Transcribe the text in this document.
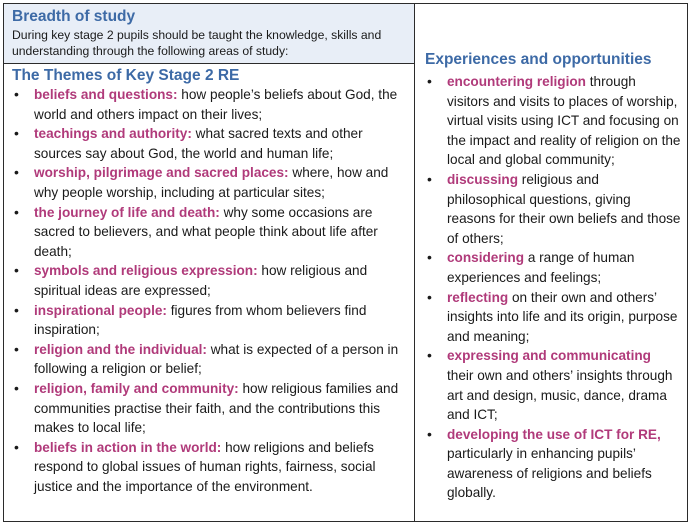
Breadth of study
During key stage 2 pupils should be taught the knowledge, skills and understanding through the following areas of study:
The Themes of Key Stage 2 RE
• beliefs and questions: how people’s beliefs about God, the world and others impact on their lives;
• teachings and authority: what sacred texts and other sources say about God, the world and human life;
• worship, pilgrimage and sacred places: where, how and why people worship, including at particular sites;
• the journey of life and death: why some occasions are sacred to believers, and what people think about life after death;
• symbols and religious expression: how religious and spiritual ideas are expressed;
• inspirational people: figures from whom believers find inspiration;
• religion and the individual: what is expected of a person in following a religion or belief;
• religion, family and community: how religious families and communities practise their faith, and the contributions this makes to local life;
• beliefs in action in the world: how religions and beliefs respond to global issues of human rights, fairness, social justice and the importance of the environment.
Experiences and opportunities
• encountering religion through visitors and visits to places of worship, virtual visits using ICT and focusing on the impact and reality of religion on the local and global community;
• discussing religious and philosophical questions, giving reasons for their own beliefs and those of others;
• considering a range of human experiences and feelings;
• reflecting on their own and others’ insights into life and its origin, purpose and meaning;
• expressing and communicating their own and others’ insights through art and design, music, dance, drama and ICT;
• developing the use of ICT for RE, particularly in enhancing pupils’ awareness of religions and beliefs globally.
